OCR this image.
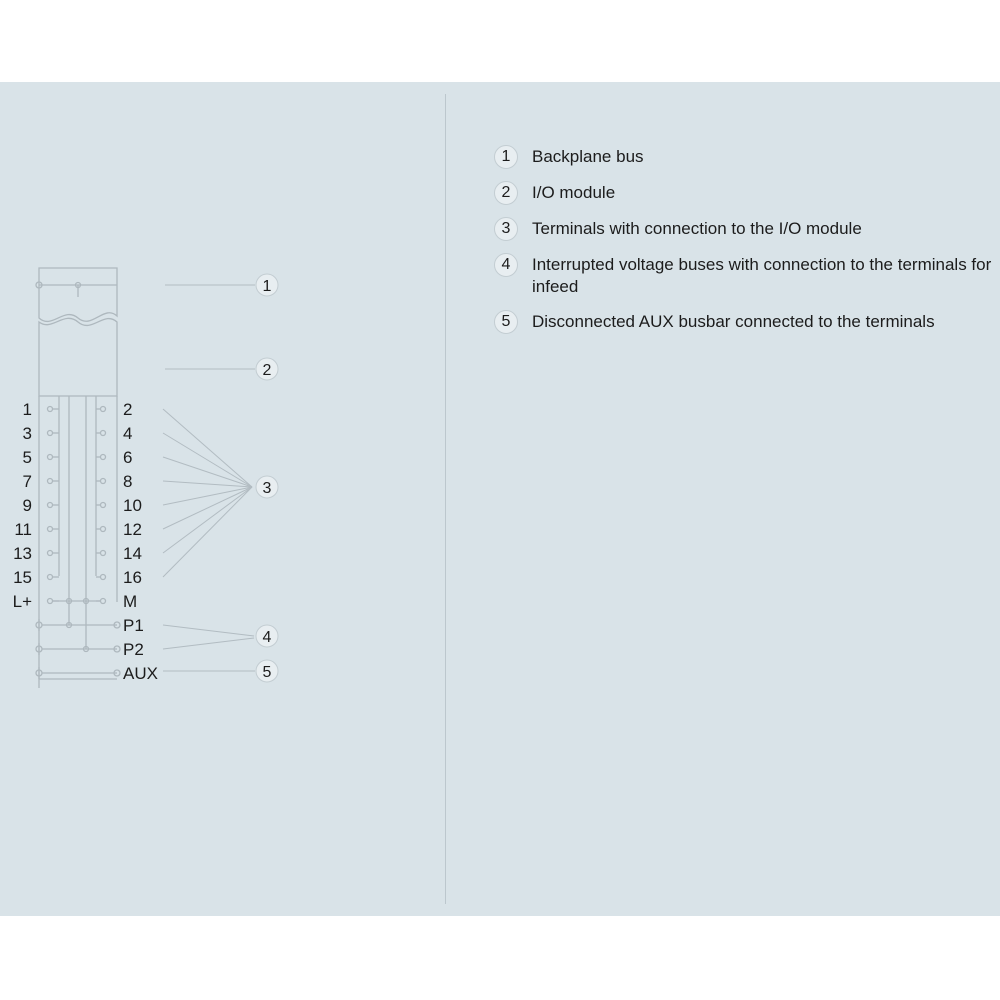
1
2
3
4
5
1
3
5
7
9
11
13
15
L+
2
4
6
8
10
12
14
16
M
P1
P2
AUX
1	Backplane bus
2	I/O module
3	Terminals with connection to the I/O module
4	Interrupted voltage buses with connection to the terminals for infeed
5	Disconnected AUX busbar connected to the terminals
